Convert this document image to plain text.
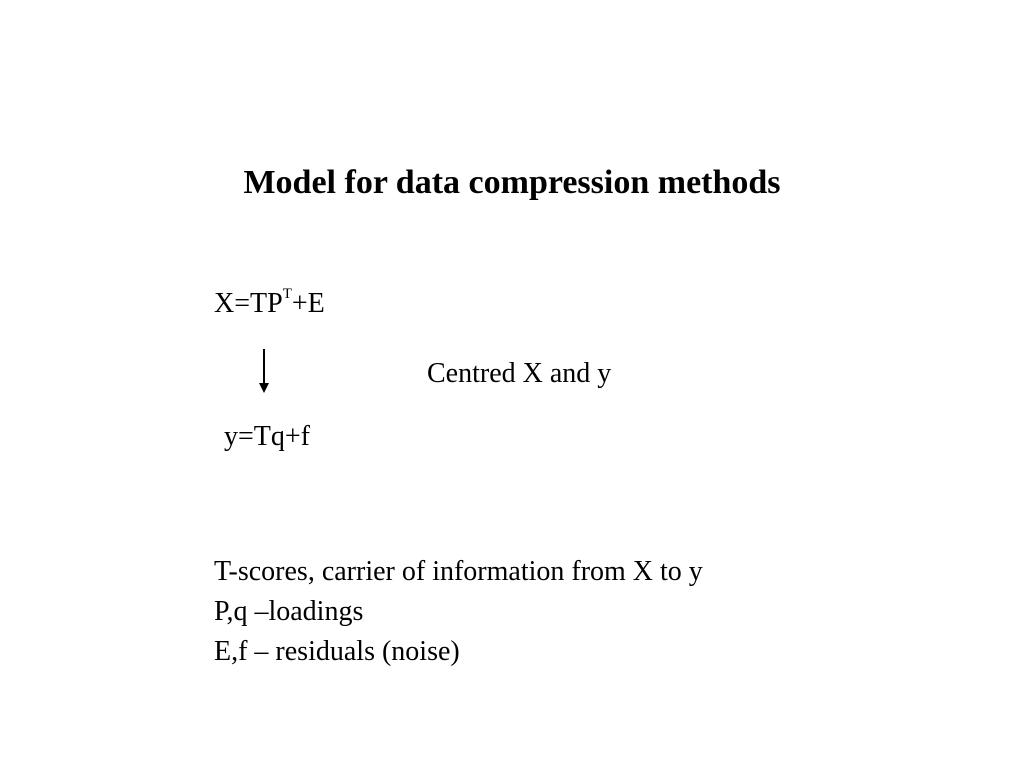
Model for data compression methods
$X=TP^T+E$
Centred X and y
y=Tq+f
T-scores, carrier of information from X to y
P,q –loadings
E,f – residuals (noise)
